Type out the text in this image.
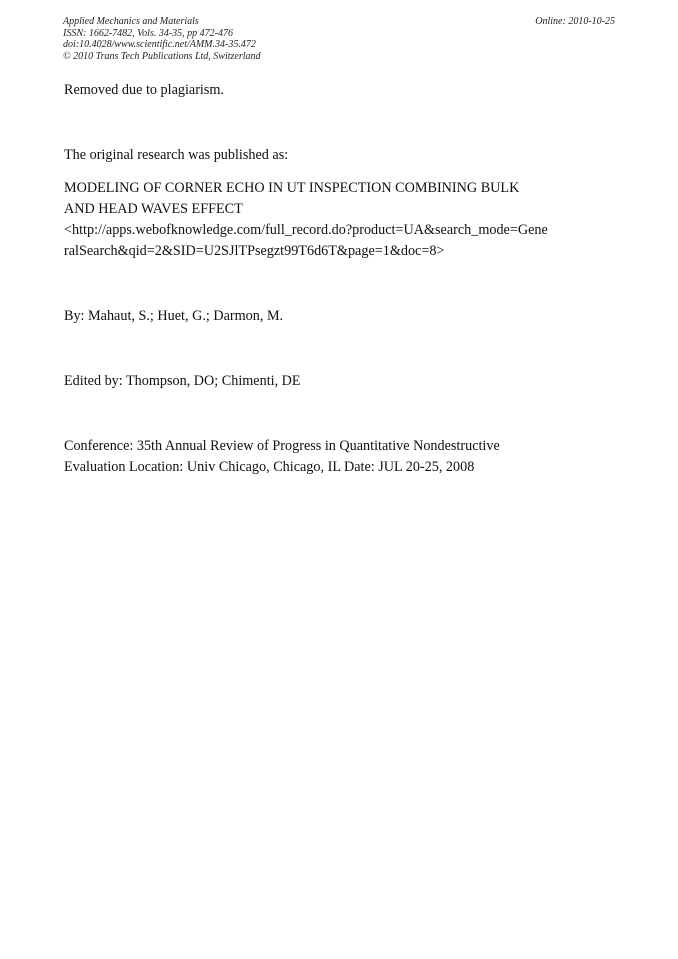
Applied Mechanics and Materials
ISSN: 1662-7482, Vols. 34-35, pp 472-476
doi:10.4028/www.scientific.net/AMM.34-35.472
© 2010 Trans Tech Publications Ltd, Switzerland
Online: 2010-10-25
Removed due to plagiarism.
The original research was published as:
MODELING OF CORNER ECHO IN UT INSPECTION COMBINING BULK
AND HEAD WAVES EFFECT
<http://apps.webofknowledge.com/full_record.do?product=UA&search_mode=Gene
ralSearch&qid=2&SID=U2SJlTPsegzt99T6d6T&page=1&doc=8>
By: Mahaut, S.; Huet, G.; Darmon, M.
Edited by: Thompson, DO; Chimenti, DE
Conference: 35th Annual Review of Progress in Quantitative Nondestructive
Evaluation Location: Univ Chicago, Chicago, IL Date: JUL 20-25, 2008
